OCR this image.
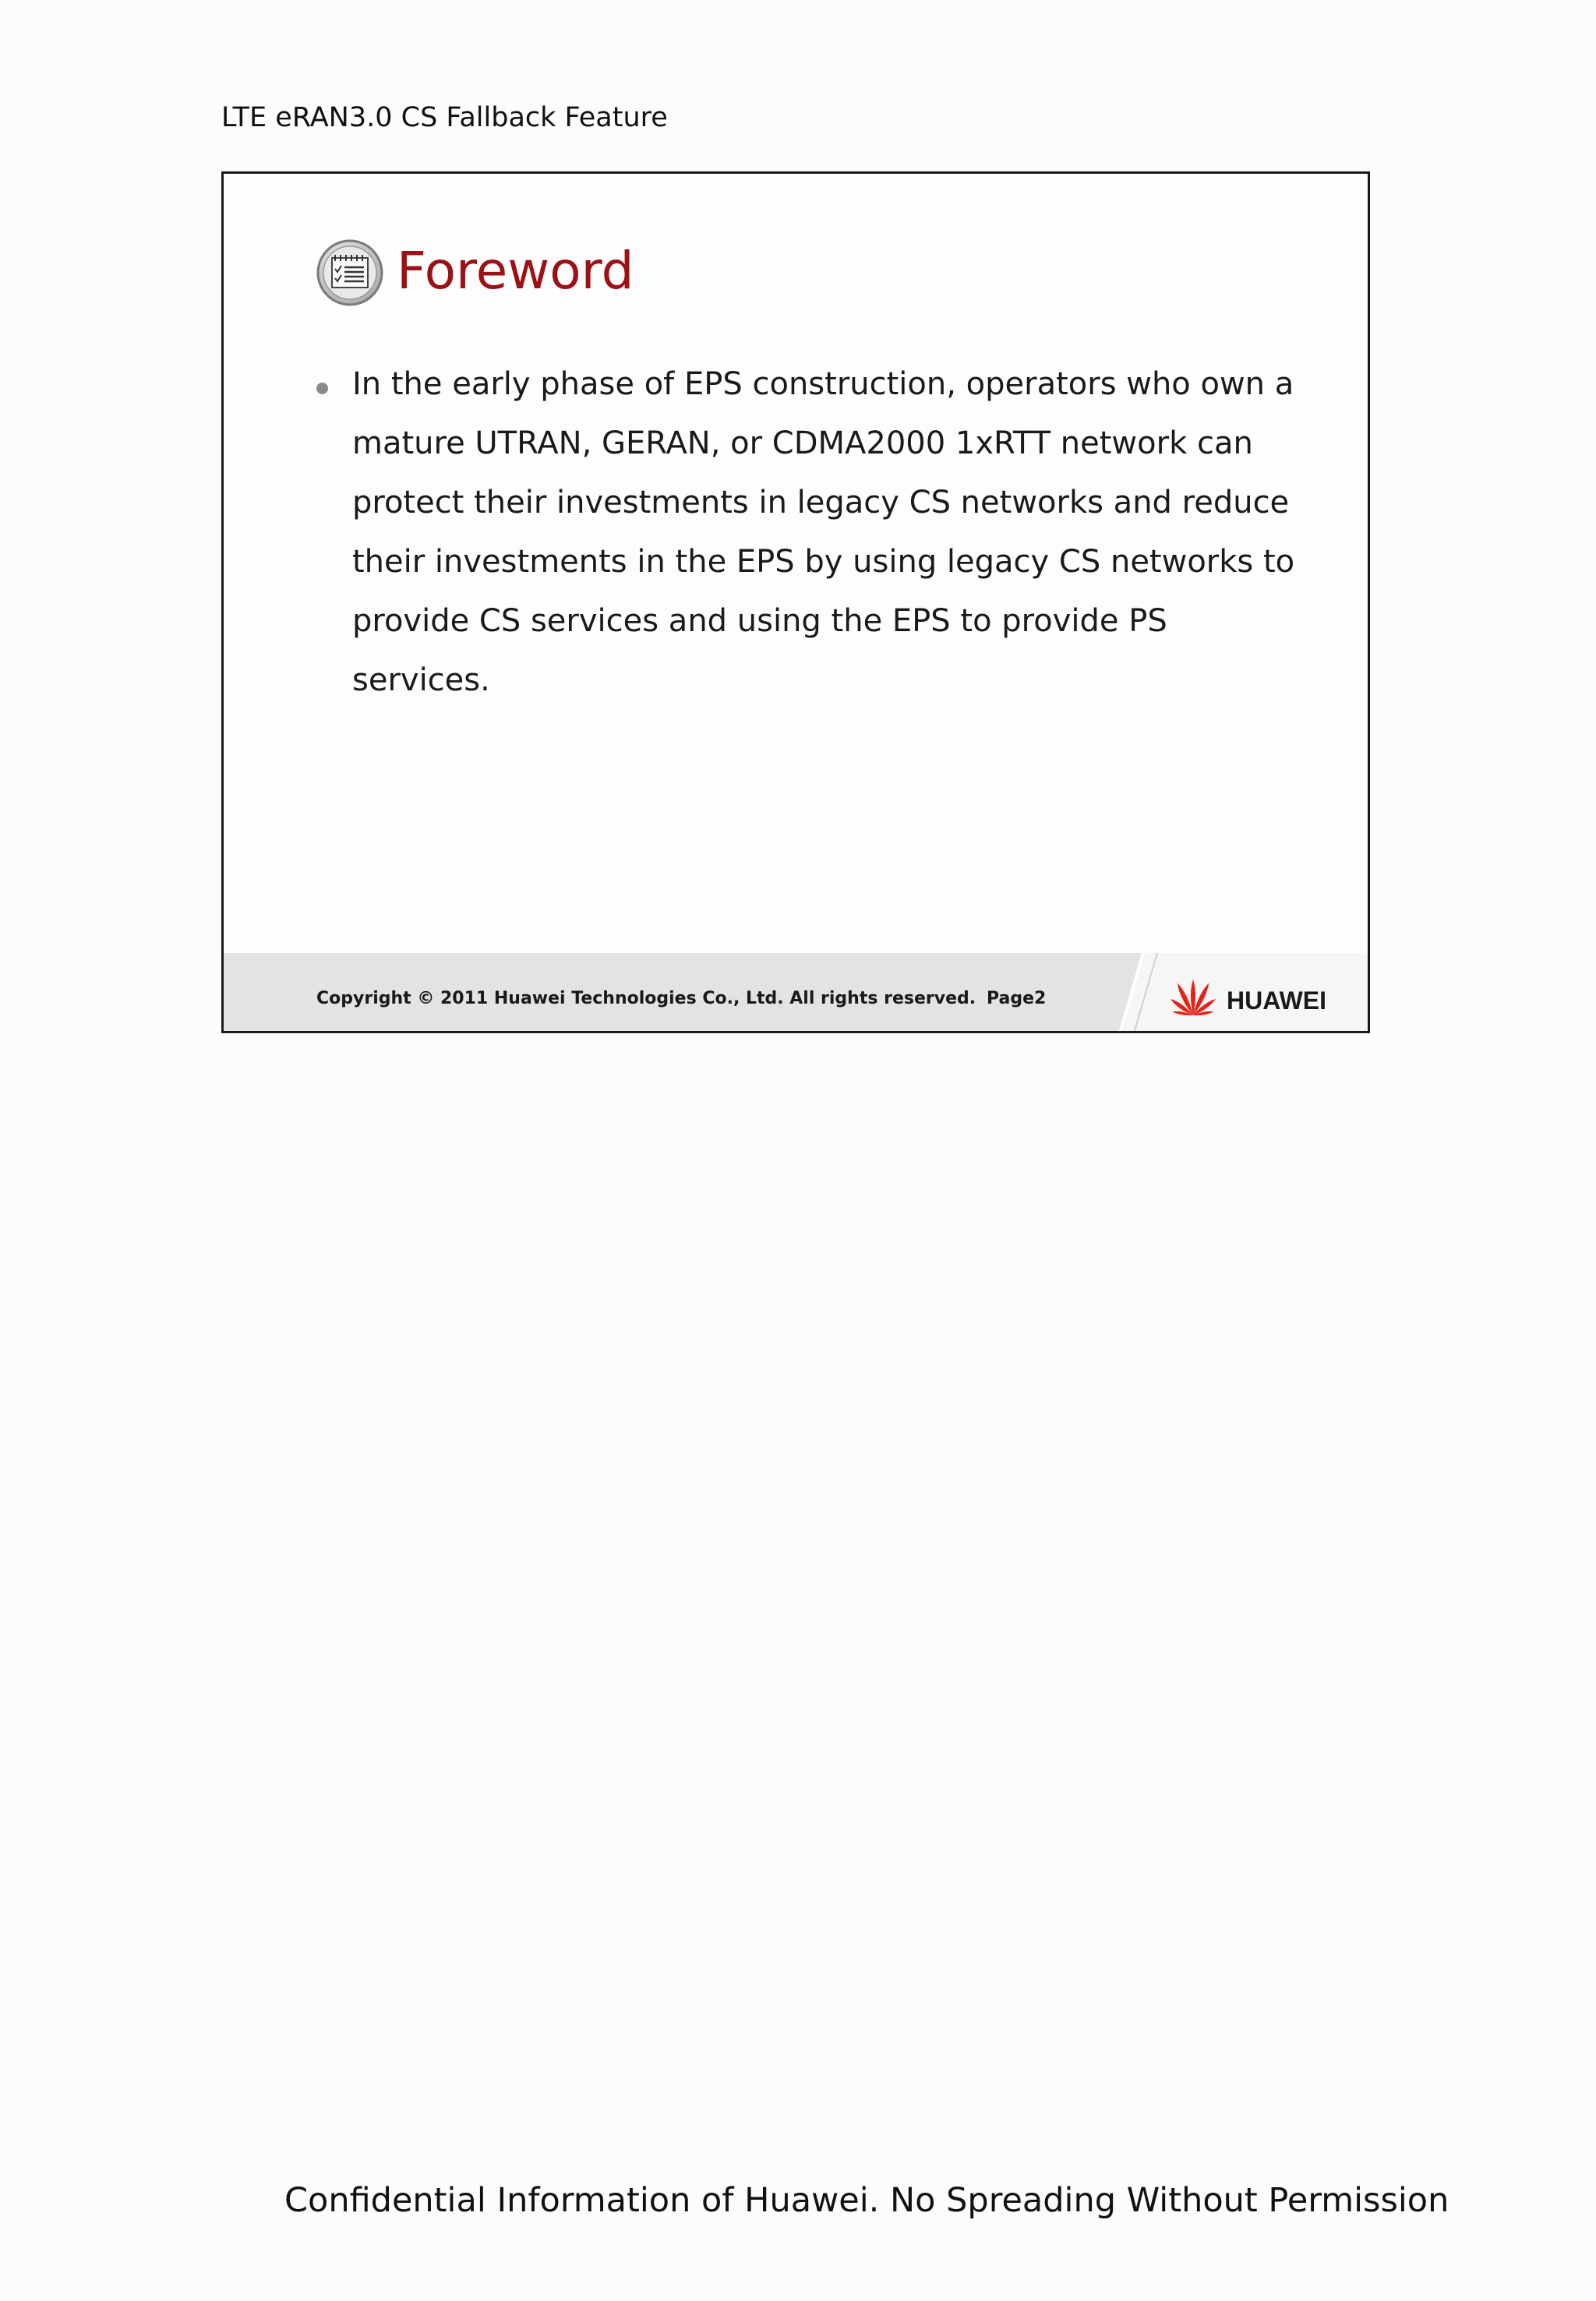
LTE eRAN3.0 CS Fallback Feature
Foreword
In the early phase of EPS construction, operators who own a mature UTRAN, GERAN, or CDMA2000 1xRTT network can protect their investments in legacy CS networks and reduce their investments in the EPS by using legacy CS networks to provide CS services and using the EPS to provide PS services.
Copyright © 2011 Huawei Technologies Co., Ltd. All rights reserved. Page2	HUAWEI
Confidential Information of Huawei. No Spreading Without Permission
